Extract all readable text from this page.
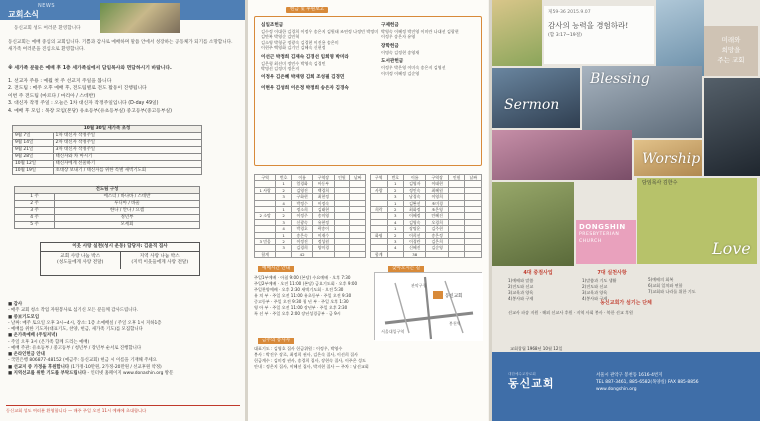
NEWS
교회소식
동신교회 성도 여러분 환영합니다
동신교회는 예배 중심의 교회입니다. 기쁨과 감사로 예배하며 말씀 안에서 성장하는 공동체가 되기를 소망합니다. 새가족 여러분을 진심으로 환영합니다.
※ 세가족 분들은 예배 후 1층 세가족실에서 담임목사와 면담하시기 바랍니다.
1. 선교자 주용 : 예월 첫 주 선교지 주일을 봅니다
2. 전도팀 : 매주 오후 예배 후, 전도팀별로 전도 활동이 진행됩니다
이번 주 전도팀 (마르다 / 마리아 / 스데반)
3. 대신자 작정 주일 : 오늘은 1차 대신자 작정주일입니다 (D-day 49일)
4. 예배 후 모임 : 목장 모임(본당) 유초등부(유초등부실) 중고등부(중고등부실)
10월 30일 새가족 초청	
9월 7일	1차 대신자 작정주일
9월 14일	2차 대신자 작정주일
9월 21일	3차 대신자 작정주일
9월 28일	태신자와 차 마시기
10월 12일	태신자에게 선물하기
10월 19일	초대장 보내기 / 태신자를 위한 특별 새벽기도회
전도팀 구성	
1 주	에스더 / 바나바 / 스데반
2 주	루디아 / 바울
3 주	한나 / 안나 / 요셉
4 주	정년부
5 주	모세회
이웃 사랑 실천(성시 운동) 담당자: 김윤직 집사
교회 사랑 나눔 박스
(성도들에게 사랑 전달)
지역 사랑 나눔 박스
(지역 이웃들에게 사랑 전달)
■ 감사
- 매주 교회 청소 작업 자원봉사로 섬기신 모든 분들께 감사드립니다.
■ 중보기도모임
- 날짜: 매주 토요일 오후 3시~4시, 장소: 1층 소예배실 / 주일 오후 1시 지하1층
- 예배를 위한 기도자(대표기도, 찬양, 헌금, 새가족 기도)를 모집합니다
■ 온가족예배 (주일저녁)
- 주일 오후 3시 (온가족 함께 드리는 예배)
- 예배 주관: 유초등부 / 중고등부 / 청년부 / 장년부 순서로 진행합니다
■ 온라인헌금 안내
- 국민은행 806877-48152 (예금주: 동신교회) 헌금 시 이름을 기재해 주세요
■ 선교지 중 가정을 후원합니다 (1가정-10만원, 2가정-20만원 / 선교후원 약정)
■ 지역선교를 위한 기도를 부탁드립니다 - 인터넷 홈페이지 www.donashin.org 방문
동신교회 성도 여러분 환영합니다 — 매주 주일 오전 11시 예배에 초대합니다
헌금 및 후원보고
십일조헌금
김수정 이대한 김경희 이정우 송은지 김원태 조연정 나정민 박정미 김만복 박영순 김민혁
김소영 박형균 정광숙 김경현 이진용 송은미
이현주 백영화 김기인 김혜숙 신현정
이선근 박정희 김재숙 김경선 임희영 박미라
김은형 최선미 정민수 박영숙 김경민
박명선 김정미 정은지
이정우 김은혜 박재영 김희 조성필 김경민
이현우 김성희 이은정 박정희 송은자 김경숙
구제헌금
박영숙 이혜정 박진영 이미란 나대선 김광현
이정우 송은자 유영
장학헌금
이명숙 김정현 송영재
도서관헌금
이정우 박은영 이미숙 송은지 김영선
이미정 이혜정 김순영
구역	번호	이름	구역장	인원	날짜
	1	엄경화	아동부		
1 사랑	2	김영진	백경희		
	3	구화현	최현정		
	4	박정수	이정숙		
	1	정소희	김태현		
2 소망	2	이정주	송미영		
	3	신광숙	유현정		
	4	박경호	곽송이		
	1	송은숙	이재수		
3 믿음	2	이정진	정성원		
	3	김경희	양미경		
합계		42			
구역	번호	이름	구역장	인원	날짜
	1	김영자	이태현		
사랑	2	정인숙	최혜원		
	3	남경숙	이영희		
	1	김완선	조미경		
희락	2	최화정	조은영		
	3	이혜정	안혜진		
	4	김영숙	오경희		
	1	장명운	김주현		
화평	2	이희선	송은정		
	3	이경란	김은희		
	4	신혜진	김순영		
합계		38			
예배시간 안내
주일1부예배 · 아침 9:00 (본당) 수요예배 · 오후 7:30
주일2부예배 · 오전 11:00 (본당) 금요기도회 · 오후 9:00
주일찬양예배 · 오후 2:30 새벽기도회 · 오전 5:30
유 치 부 · 주일 오전 11:00 유초등부 · 주일 오전 9:30
중고등부 · 주일 오전 9:30 청 년 부 · 주일 오후 1:30
영 아 부 · 주일 오전 11:00 장년부 · 주일 오후 2:30
특 선 부 · 주일 오후 2:00 장년성경공부 · 금 9시
찾아오시는 길
동신교회
서울대입구역
관악구청
봉천역
금주의 봉사자
대표기도 : 김영호 집사 헌금위원 : 이정우, 박영수
봉사 : 박진우 장로, 최정희 권사, 김은숙 집사, 이선희 집사
헌금계수 : 김미정 권사, 송경희 집사, 장현숙 집사, 이주은 성도
안내 : 정은지 집사, 이혜선 집사, 박지현 집사 — 주차 : 남선교회
제59-36 2015.9.07
감사의 능력을 경험하라!
(합 3:17~19절)
미래와
희망을
주는 교회
Blessing
Sermon
Worship
담임목사 김한수
Love
DONGSHIN
PRESBYTERIAN CHURCH
4대 중점사업
1)예배와 말씀
2)전도와 선교
3)교육과 양육
4)봉사와 구제
7대 실천사항
1)말씀과 기도 생활
2)전도와 선교
3)교육과 양육
4)봉사와 구제
5)예배의 회복
6)교회 일치와 연합
7)교회와 나라를 위한 기도
동신교회가 섬기는 단체
선교사 파송 지원 · 해외 선교사 후원 · 지역 사회 봉사 · 북한 선교 후원
교회창립 1968년 10월 12일
대한예수교장로회
동신교회
서울시 관악구 봉천동 1616-4번지
TEL 887-3461, 885-6582(목양실) FAX 885-8856
www.dongshin.org
